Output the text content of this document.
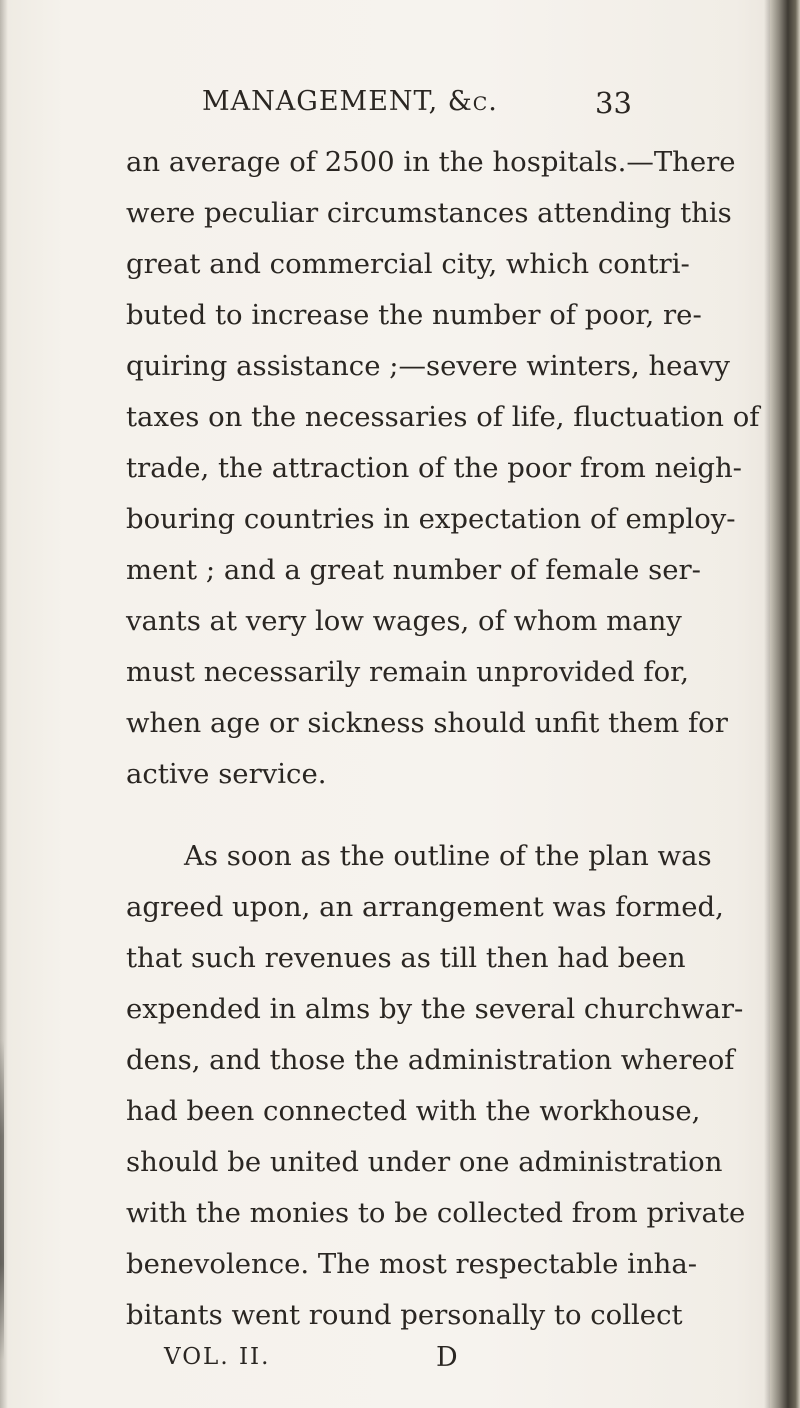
MANAGEMENT, &c.	33
an average of 2500 in the hospitals.—There
were peculiar circumstances attending this
great and commercial city, which contri-
buted to increase the number of poor, re-
quiring assistance ;—severe winters, heavy
taxes on the necessaries of life, fluctuation of
trade, the attraction of the poor from neigh-
bouring countries in expectation of employ-
ment ; and a great number of female ser-
vants at very low wages, of whom many
must necessarily remain unprovided for,
when age or sickness should unfit them for
active service.
As soon as the outline of the plan was
agreed upon, an arrangement was formed,
that such revenues as till then had been
expended in alms by the several churchwar-
dens, and those the administration whereof
had been connected with the workhouse,
should be united under one administration
with the monies to be collected from private
benevolence. The most respectable inha-
bitants went round personally to collect
VOL. II.	D
